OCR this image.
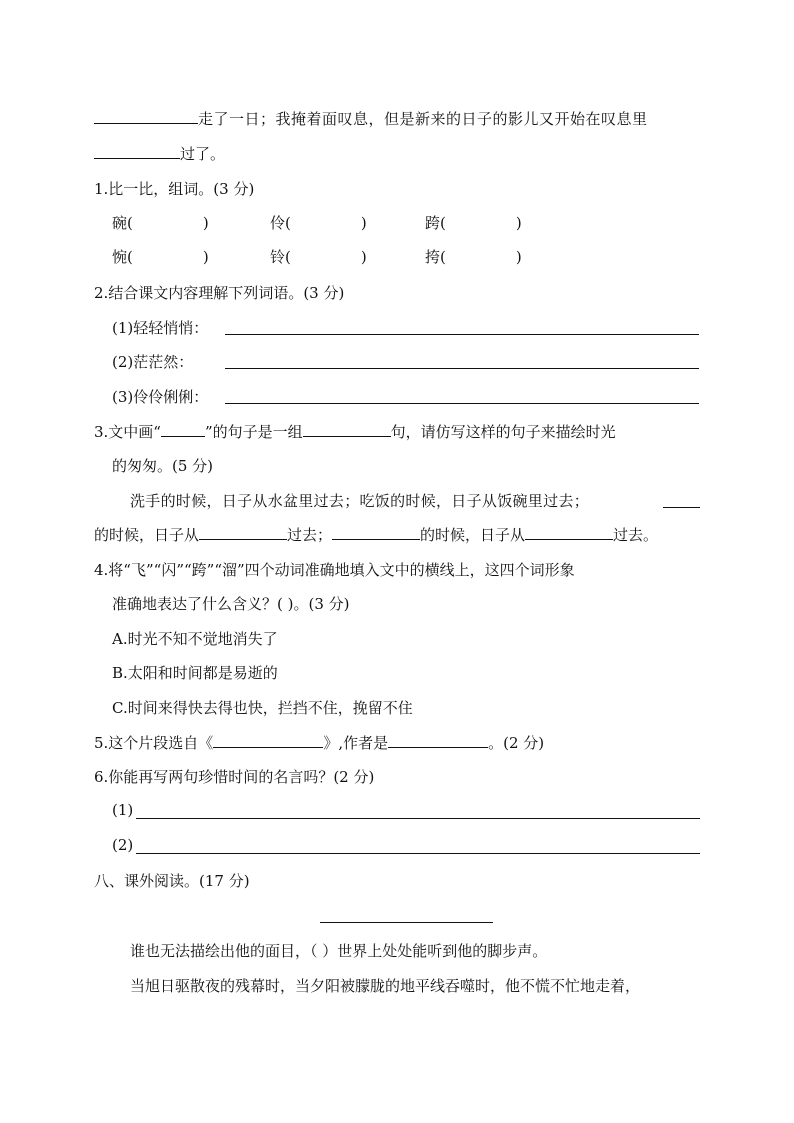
走了一日；我掩着面叹息，但是新来的日子的影儿又开始在叹息里
过了。
1.比一比，组词。(3 分)
碗(	)	伶(	)	跨(	)
惋(	)	铃(	)	挎(	)
2.结合课文内容理解下列词语。(3 分)
(1)轻轻悄悄：
(2)茫茫然：
(3)伶伶俐俐：
3.文中画“	”的句子是一组	句，请仿写这样的句子来描绘时光
的匆匆。(5 分)
洗手的时候，日子从水盆里过去；吃饭的时候，日子从饭碗里过去；
的时候，日子从	过去；	的时候，日子从	过去。
4.将“飞”“闪”“跨”“溜”四个动词准确地填入文中的横线上，这四个词形象
准确地表达了什么含义？( )。(3 分)
A.时光不知不觉地消失了
B.太阳和时间都是易逝的
C.时间来得快去得也快，拦挡不住，挽留不住
5.这个片段选自《	》,作者是	。(2 分)
6.你能再写两句珍惜时间的名言吗？(2 分)
(1)
(2)
八、课外阅读。(17 分)
谁也无法描绘出他的面目，（ ）世界上处处能听到他的脚步声。
当旭日驱散夜的残幕时，当夕阳被朦胧的地平线吞噬时，他不慌不忙地走着，
